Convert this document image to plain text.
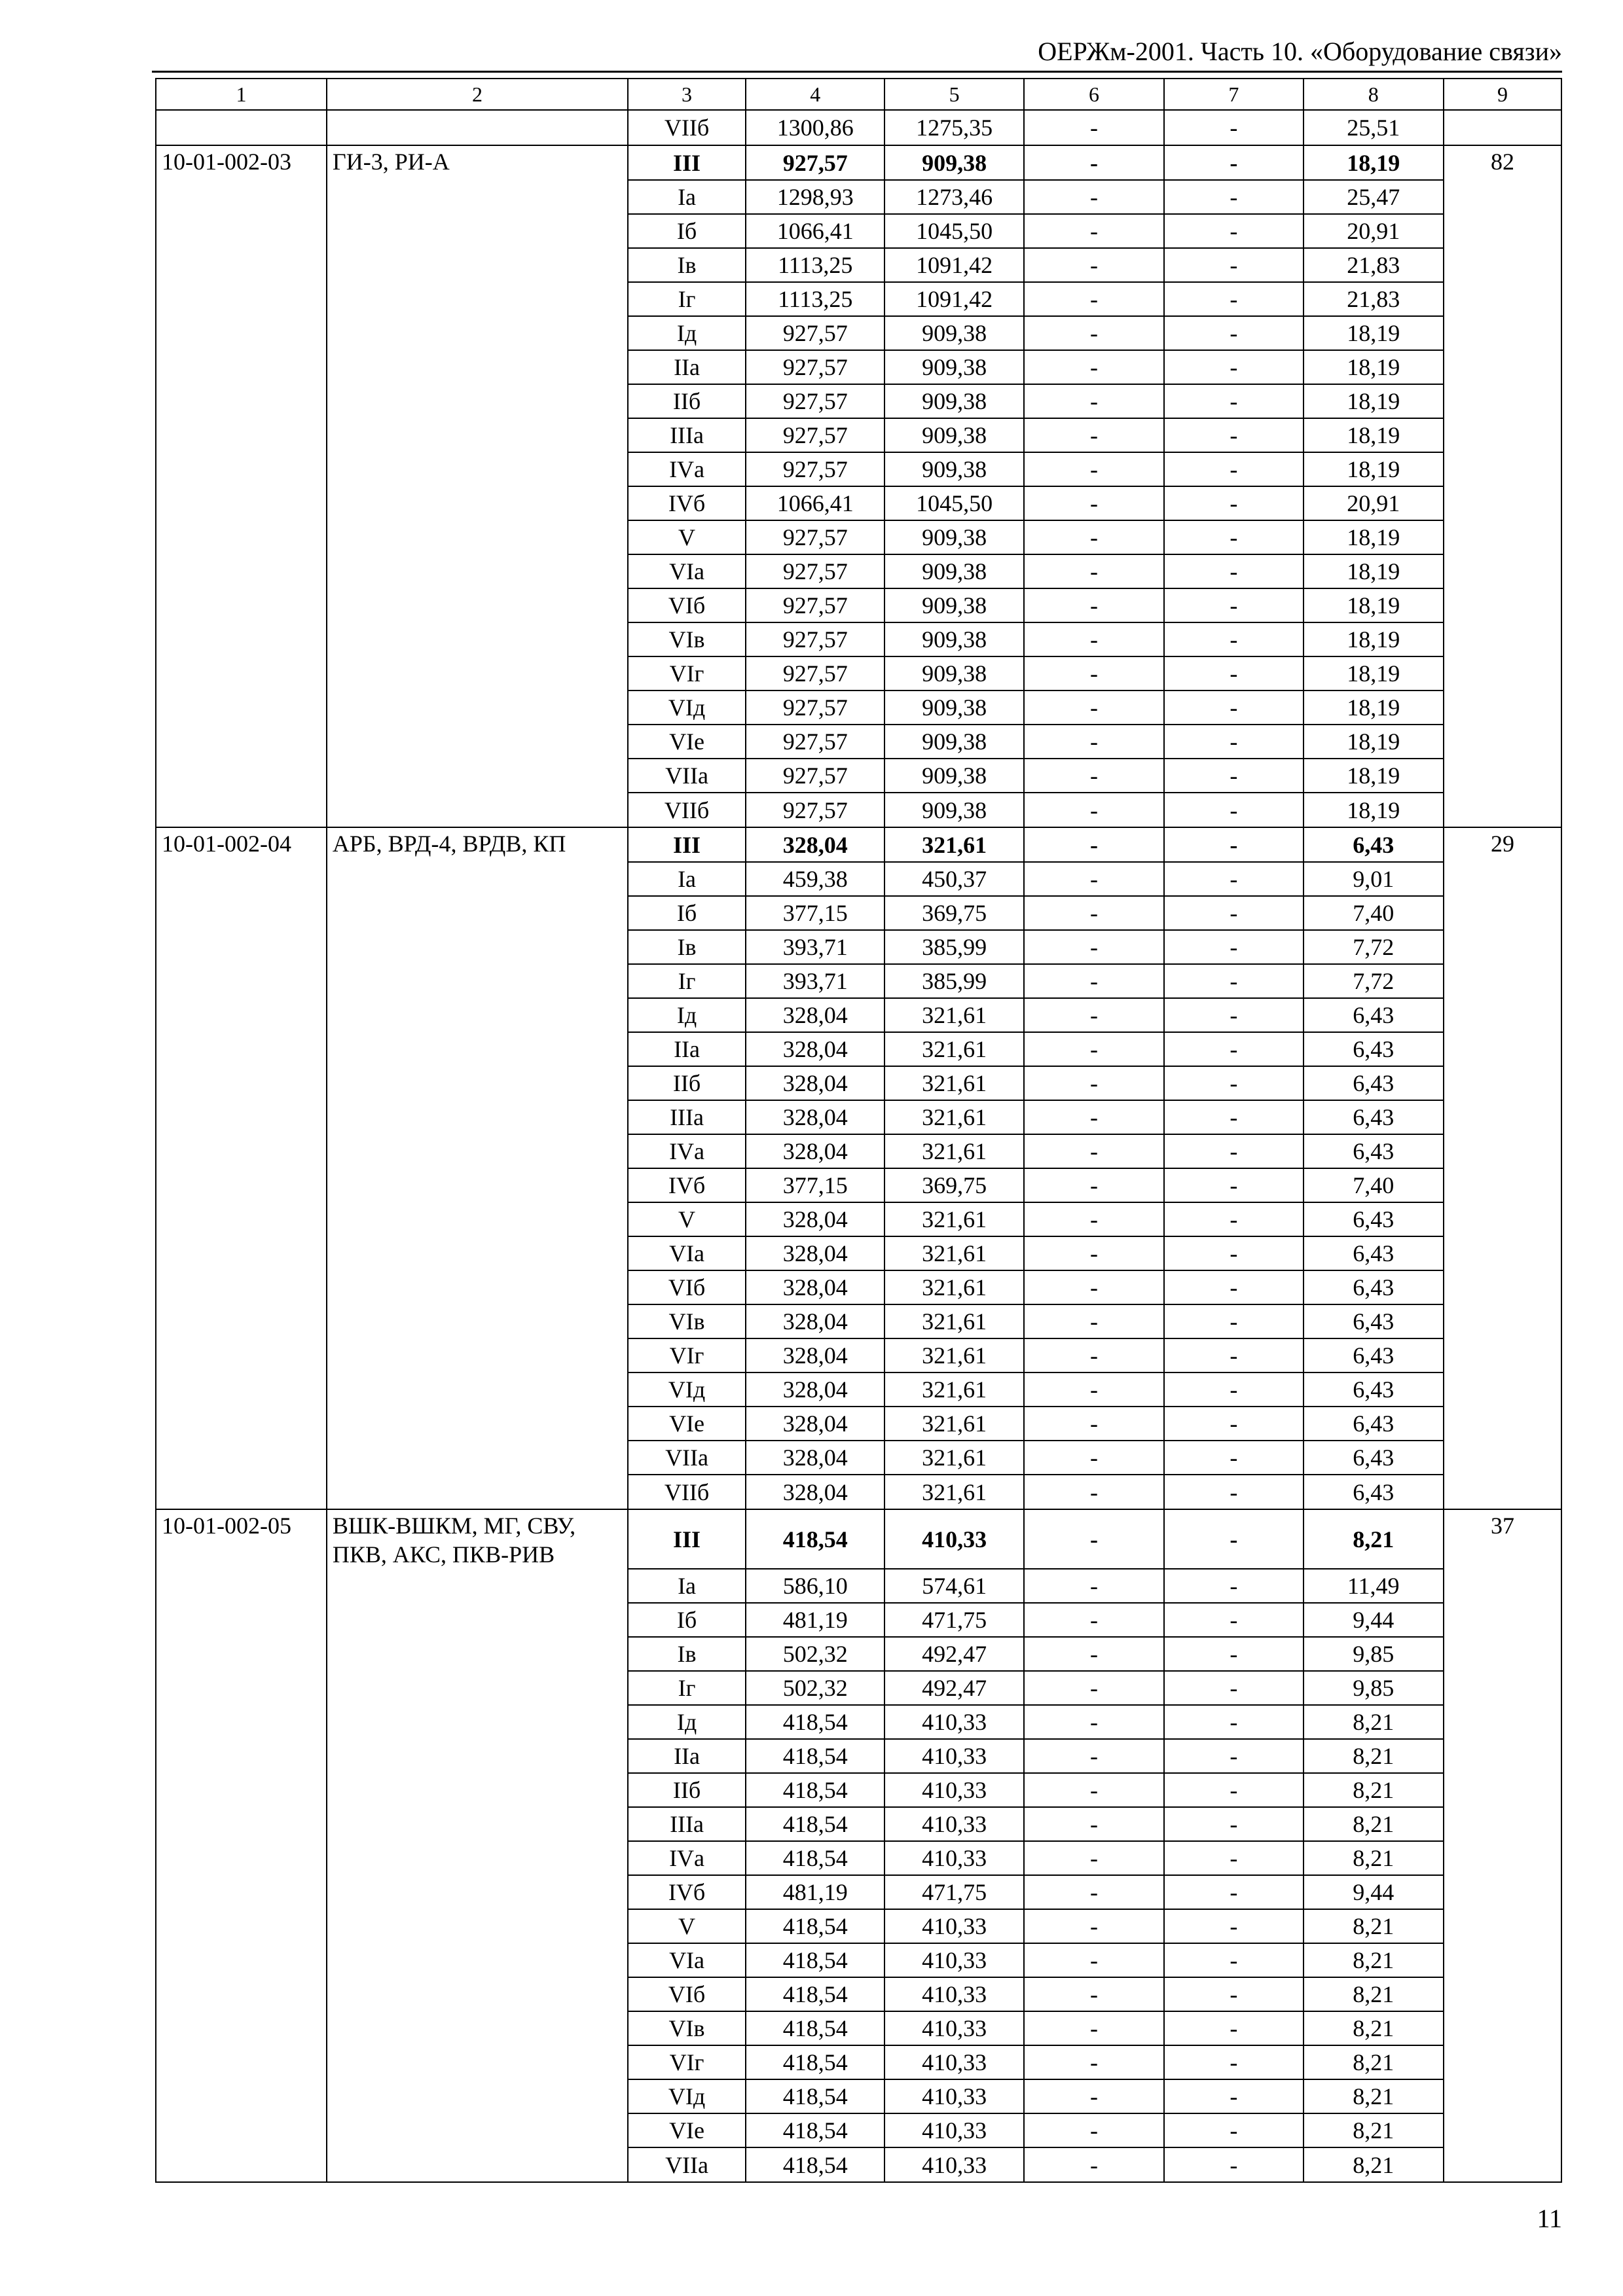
ОЕРЖм-2001. Часть 10. «Оборудование связи»
1	2	3	4	5	6	7	8	9
		VIIб	1300,86	1275,35	-	-	25,51	
10-01-002-03	ГИ-3, РИ-А	III	927,57	909,38	-	-	18,19	82
		Iа	1298,93	1273,46	-	-	25,47	
		Iб	1066,41	1045,50	-	-	20,91	
		Iв	1113,25	1091,42	-	-	21,83	
		Iг	1113,25	1091,42	-	-	21,83	
		Iд	927,57	909,38	-	-	18,19	
		IIа	927,57	909,38	-	-	18,19	
		IIб	927,57	909,38	-	-	18,19	
		IIIа	927,57	909,38	-	-	18,19	
		IVа	927,57	909,38	-	-	18,19	
		IVб	1066,41	1045,50	-	-	20,91	
		V	927,57	909,38	-	-	18,19	
		VIа	927,57	909,38	-	-	18,19	
		VIб	927,57	909,38	-	-	18,19	
		VIв	927,57	909,38	-	-	18,19	
		VIг	927,57	909,38	-	-	18,19	
		VIд	927,57	909,38	-	-	18,19	
		VIе	927,57	909,38	-	-	18,19	
		VIIа	927,57	909,38	-	-	18,19	
		VIIб	927,57	909,38	-	-	18,19	
10-01-002-04	АРБ, ВРД-4, ВРДВ, КП	III	328,04	321,61	-	-	6,43	29
		Iа	459,38	450,37	-	-	9,01	
		Iб	377,15	369,75	-	-	7,40	
		Iв	393,71	385,99	-	-	7,72	
		Iг	393,71	385,99	-	-	7,72	
		Iд	328,04	321,61	-	-	6,43	
		IIа	328,04	321,61	-	-	6,43	
		IIб	328,04	321,61	-	-	6,43	
		IIIа	328,04	321,61	-	-	6,43	
		IVа	328,04	321,61	-	-	6,43	
		IVб	377,15	369,75	-	-	7,40	
		V	328,04	321,61	-	-	6,43	
		VIа	328,04	321,61	-	-	6,43	
		VIб	328,04	321,61	-	-	6,43	
		VIв	328,04	321,61	-	-	6,43	
		VIг	328,04	321,61	-	-	6,43	
		VIд	328,04	321,61	-	-	6,43	
		VIе	328,04	321,61	-	-	6,43	
		VIIа	328,04	321,61	-	-	6,43	
		VIIб	328,04	321,61	-	-	6,43	
10-01-002-05	ВШК-ВШКМ, МГ, СВУ, ПКВ, АКС, ПКВ-РИВ	III	418,54	410,33	-	-	8,21	37
		Iа	586,10	574,61	-	-	11,49	
		Iб	481,19	471,75	-	-	9,44	
		Iв	502,32	492,47	-	-	9,85	
		Iг	502,32	492,47	-	-	9,85	
		Iд	418,54	410,33	-	-	8,21	
		IIа	418,54	410,33	-	-	8,21	
		IIб	418,54	410,33	-	-	8,21	
		IIIа	418,54	410,33	-	-	8,21	
		IVа	418,54	410,33	-	-	8,21	
		IVб	481,19	471,75	-	-	9,44	
		V	418,54	410,33	-	-	8,21	
		VIа	418,54	410,33	-	-	8,21	
		VIб	418,54	410,33	-	-	8,21	
		VIв	418,54	410,33	-	-	8,21	
		VIг	418,54	410,33	-	-	8,21	
		VIд	418,54	410,33	-	-	8,21	
		VIе	418,54	410,33	-	-	8,21	
		VIIа	418,54	410,33	-	-	8,21	
11
